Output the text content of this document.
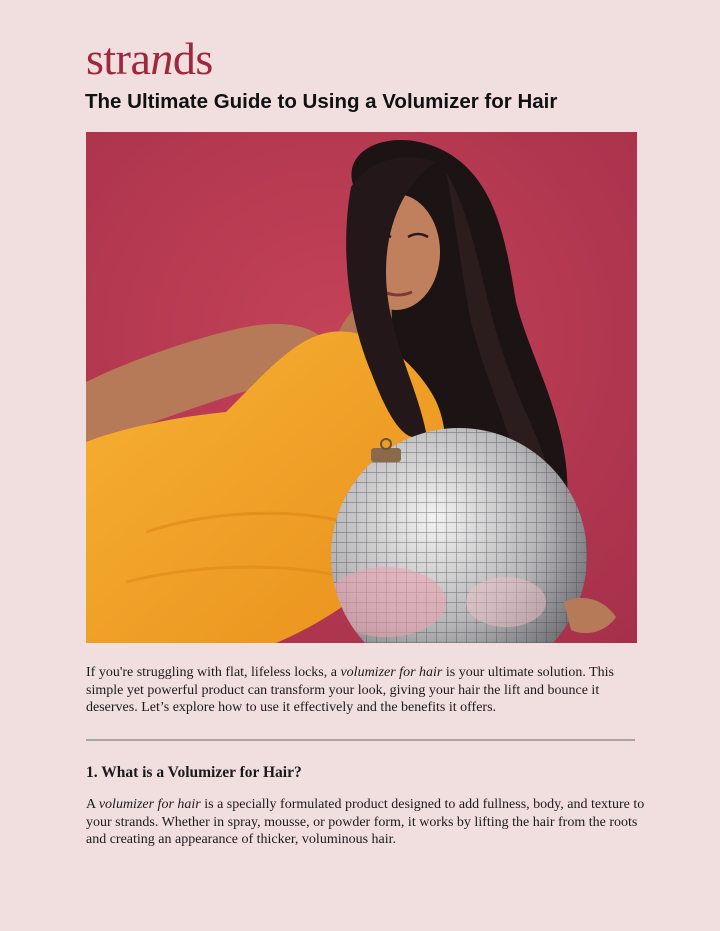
strands
The Ultimate Guide to Using a Volumizer for Hair
If you're struggling with flat, lifeless locks, a volumizer for hair is your ultimate solution. This simple yet powerful product can transform your look, giving your hair the lift and bounce it deserves. Let’s explore how to use it effectively and the benefits it offers.
1. What is a Volumizer for Hair?
A volumizer for hair is a specially formulated product designed to add fullness, body, and texture to your strands. Whether in spray, mousse, or powder form, it works by lifting the hair from the roots and creating an appearance of thicker, voluminous hair.
